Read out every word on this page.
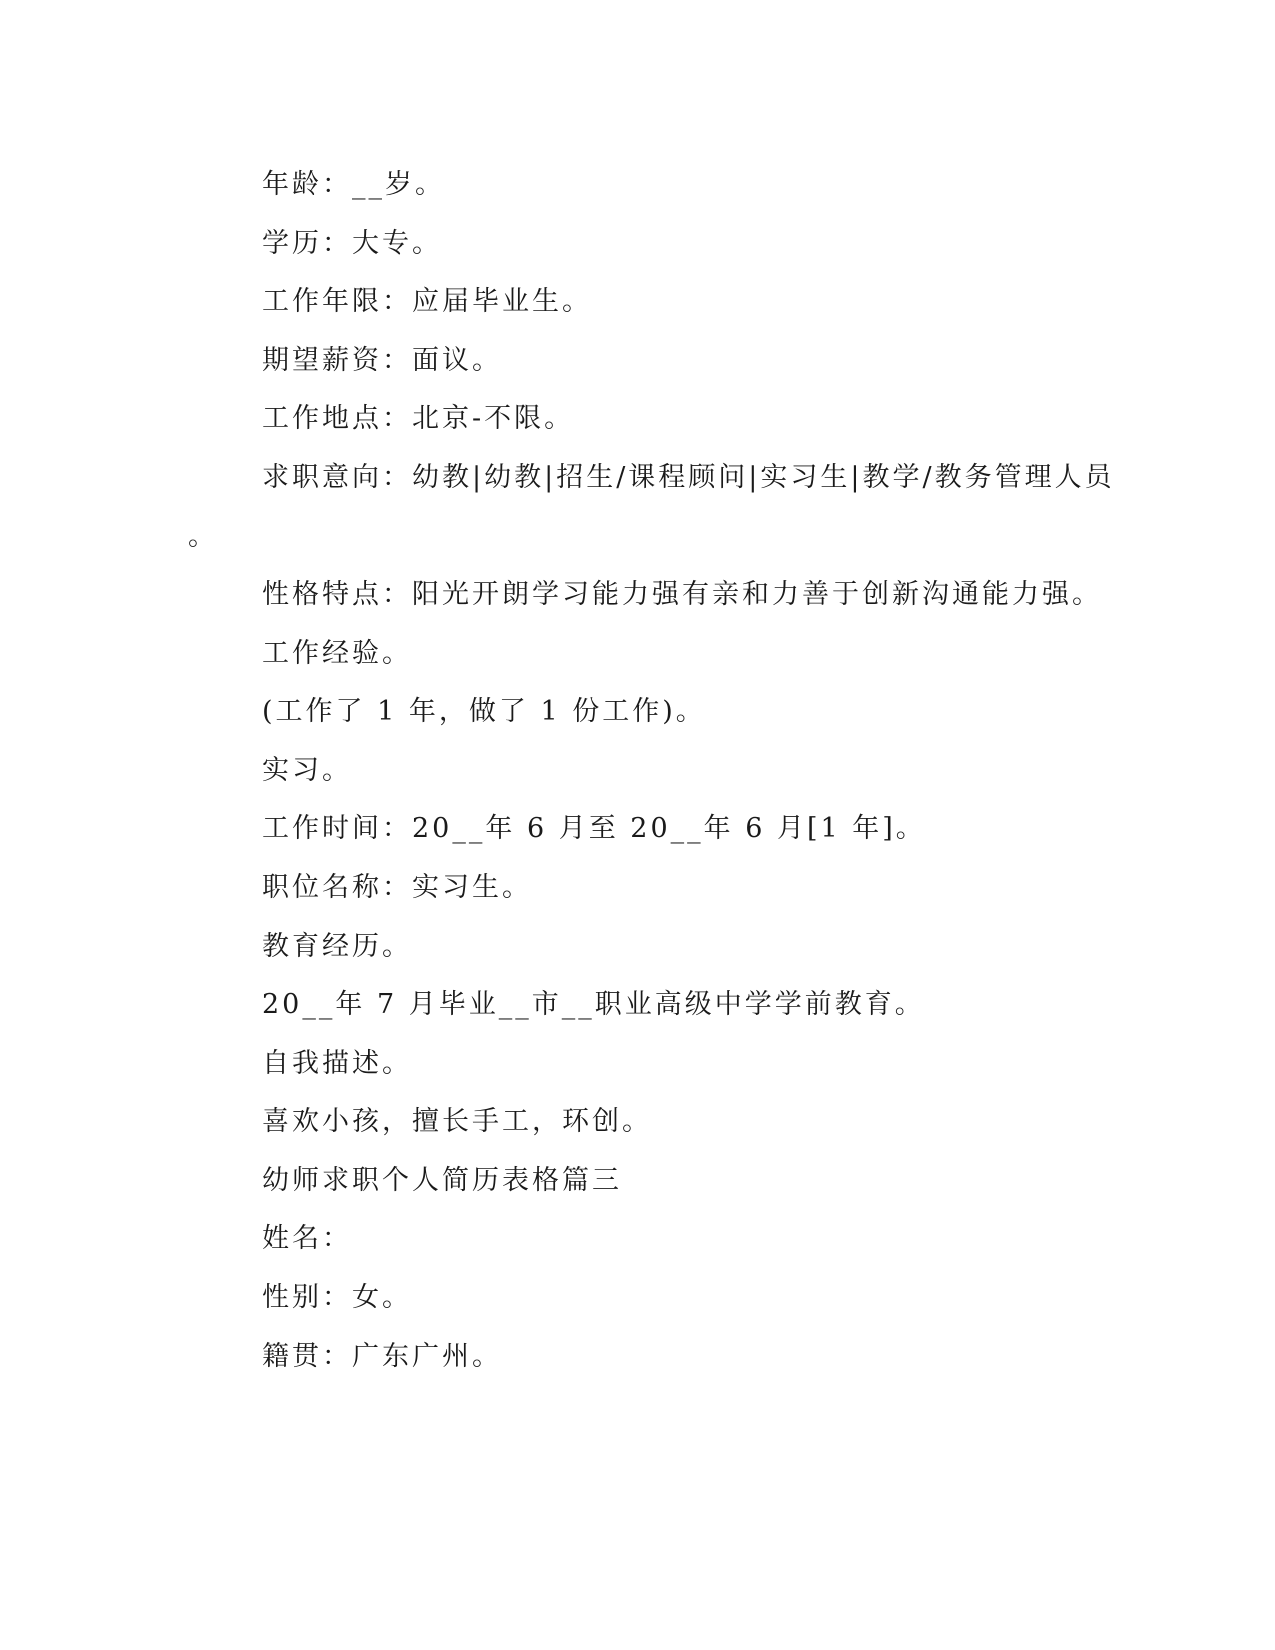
年龄：__岁。
学历：大专。
工作年限：应届毕业生。
期望薪资：面议。
工作地点：北京-不限。
求职意向：幼教|幼教|招生/课程顾问|实习生|教学/教务管理人员
。
性格特点：阳光开朗学习能力强有亲和力善于创新沟通能力强。
工作经验。
(工作了 1 年，做了 1 份工作)。
实习。
工作时间：20__年 6 月至 20__年 6 月[1 年]。
职位名称：实习生。
教育经历。
20__年 7 月毕业__市__职业高级中学学前教育。
自我描述。
喜欢小孩，擅长手工，环创。
幼师求职个人简历表格篇三
姓名：
性别：女。
籍贯：广东广州。
